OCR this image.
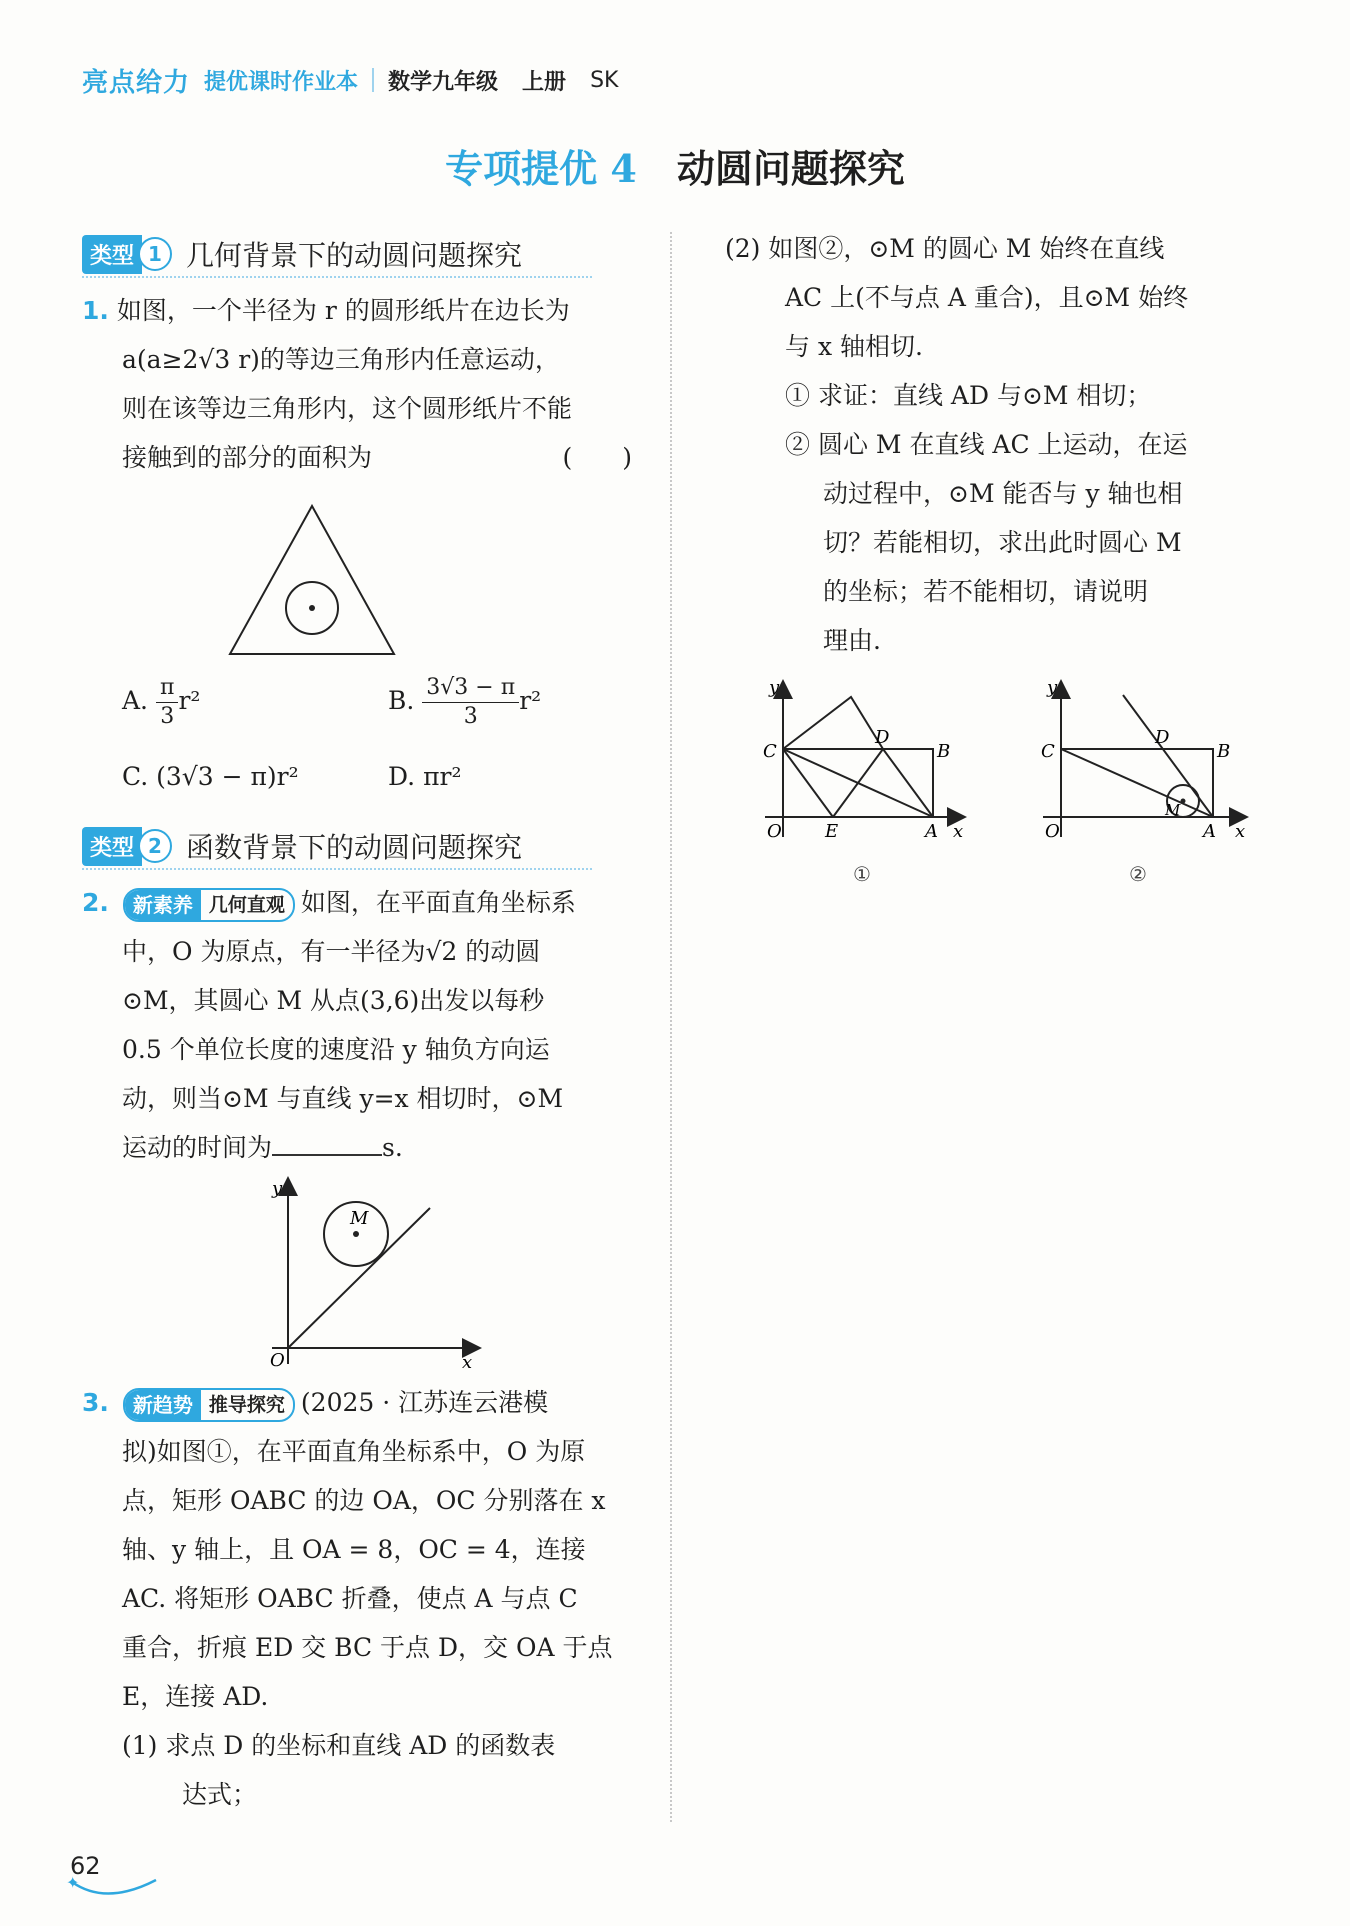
亮点给力 提优课时作业本 数学九年级 上册 SK
专项提优 4 动圆问题探究
类型 1 几何背景下的动圆问题探究
1. 如图，一个半径为 r 的圆形纸片在边长为
a(a≥2√3 r)的等边三角形内任意运动，
则在该等边三角形内，这个圆形纸片不能
接触到的部分的面积为	(　　)
A. $\frac{\pi}{3} r^2$	B. $\frac{3√3 - \pi}{3} r^2$
C. (3√3 − π)r²	D. πr²
类型 2 函数背景下的动圆问题探究
2.	新素养 几何直观 如图，在平面直角坐标系
中，O 为原点，有一半径为√2 的动圆
⊙M，其圆心 M 从点(3,6)出发以每秒
0.5 个单位长度的速度沿 y 轴负方向运
动，则当⊙M 与直线 y=x 相切时，⊙M
运动的时间为	s.
M
y
x
O
3.	新趋势 推导探究 (2025 · 江苏连云港模
拟)如图①，在平面直角坐标系中，O 为原
点，矩形 OABC 的边 OA，OC 分别落在 x
轴、y 轴上，且 OA = 8，OC = 4，连接
AC. 将矩形 OABC 折叠，使点 A 与点 C
重合，折痕 ED 交 BC 于点 D，交 OA 于点
E，连接 AD.
(1) 求点 D 的坐标和直线 AD 的函数表
达式；
(2) 如图②，⊙M 的圆心 M 始终在直线
AC 上(不与点 A 重合)，且⊙M 始终
与 x 轴相切.
① 求证：直线 AD 与⊙M 相切；
② 圆心 M 在直线 AC 上运动，在运
动过程中，⊙M 能否与 y 轴也相
切？若能相切，求出此时圆心 M
的坐标；若不能相切，请说明
理由.
y
x
O
C
D
B
E	A
①
y
x
O
C
D
B
M
A
②
62
✦
